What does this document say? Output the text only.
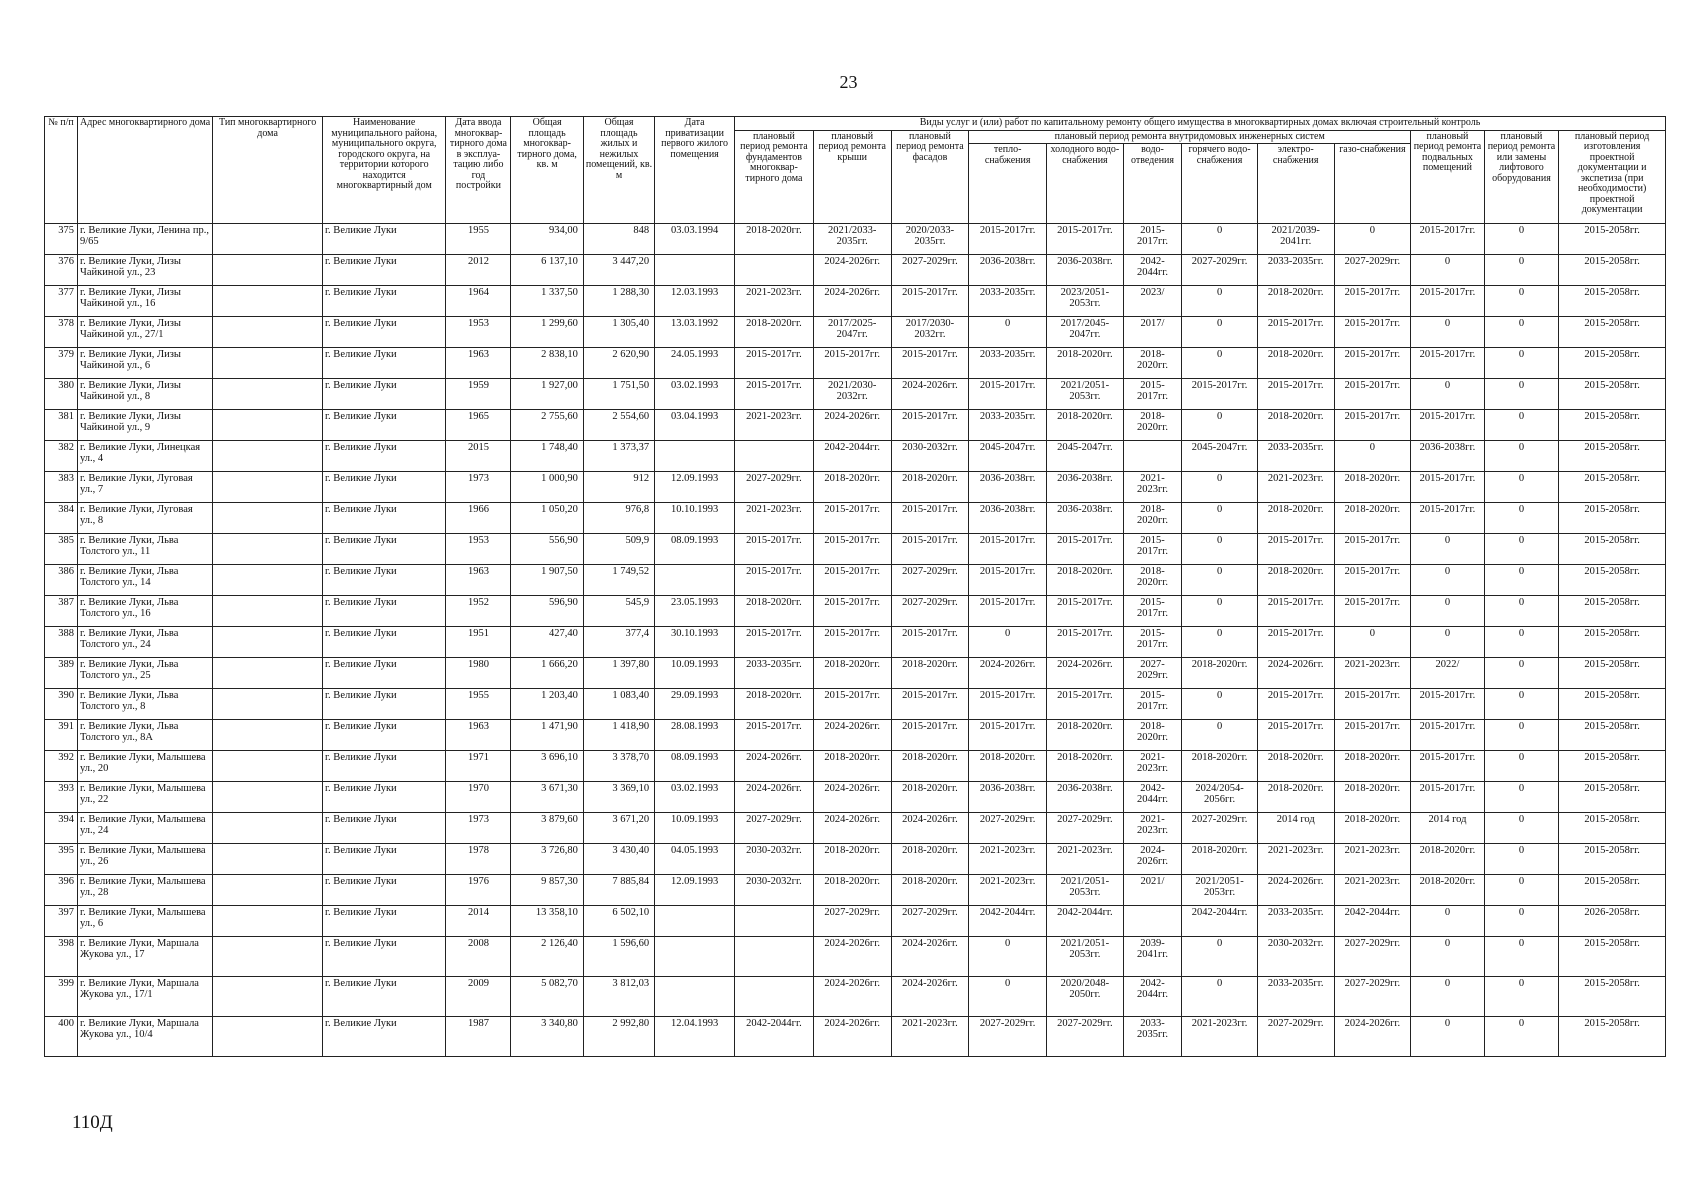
23
№ п/п	Адрес многоквартирного дома	Тип многоквартирного дома	Наименование муниципального района, муниципального округа, городского округа, на территории которого находится многоквартирный дом	Дата ввода многоквар-тирного дома в эксплуа-тацию либо год постройки	Общая площадь многоквар-тирного дома, кв. м	Общая площадь жилых и нежилых помещений, кв. м	Дата приватизации первого жилого помещения	Виды услуг и (или) работ по капитальному ремонту общего имущества в многоквартирных домах включая строительный контроль											
								плановый период ремонта фундаментов многоквар-тирного дома	плановый период ремонта крыши	плановый период ремонта фасадов	плановый период ремонта внутридомовых инженерных систем						плановый период ремонта подвальных помещений	плановый период ремонта или замены лифтового оборудования	плановый период изготовления проектной документации и экспетиза (при необходимости) проектной документации
											тепло-снабжения	холодного водо-снабжения	водо-отведения	горячего водо-снабжения	электро-снабжения	газо-снабжения			
375	г. Великие Луки, Ленина пр., 9/65		г. Великие Луки	1955	934,00	848	03.03.1994	2018-2020гг.	2021/2033-2035гг.	2020/2033-2035гг.	2015-2017гг.	2015-2017гг.	2015-2017гг.	0	2021/2039-2041гг.	0	2015-2017гг.	0	2015-2058гг.
376	г. Великие Луки, Лизы Чайкиной ул., 23		г. Великие Луки	2012	6 137,10	3 447,20			2024-2026гг.	2027-2029гг.	2036-2038гг.	2036-2038гг.	2042-2044гг.	2027-2029гг.	2033-2035гг.	2027-2029гг.	0	0	2015-2058гг.
377	г. Великие Луки, Лизы Чайкиной ул., 16		г. Великие Луки	1964	1 337,50	1 288,30	12.03.1993	2021-2023гг.	2024-2026гг.	2015-2017гг.	2033-2035гг.	2023/2051-2053гг.	2023/	0	2018-2020гг.	2015-2017гг.	2015-2017гг.	0	2015-2058гг.
378	г. Великие Луки, Лизы Чайкиной ул., 27/1		г. Великие Луки	1953	1 299,60	1 305,40	13.03.1992	2018-2020гг.	2017/2025-2047гг.	2017/2030-2032гг.	0	2017/2045-2047гг.	2017/	0	2015-2017гг.	2015-2017гг.	0	0	2015-2058гг.
379	г. Великие Луки, Лизы Чайкиной ул., 6		г. Великие Луки	1963	2 838,10	2 620,90	24.05.1993	2015-2017гг.	2015-2017гг.	2015-2017гг.	2033-2035гг.	2018-2020гг.	2018-2020гг.	0	2018-2020гг.	2015-2017гг.	2015-2017гг.	0	2015-2058гг.
380	г. Великие Луки, Лизы Чайкиной ул., 8		г. Великие Луки	1959	1 927,00	1 751,50	03.02.1993	2015-2017гг.	2021/2030-2032гг.	2024-2026гг.	2015-2017гг.	2021/2051-2053гг.	2015-2017гг.	2015-2017гг.	2015-2017гг.	2015-2017гг.	0	0	2015-2058гг.
381	г. Великие Луки, Лизы Чайкиной ул., 9		г. Великие Луки	1965	2 755,60	2 554,60	03.04.1993	2021-2023гг.	2024-2026гг.	2015-2017гг.	2033-2035гг.	2018-2020гг.	2018-2020гг.	0	2018-2020гг.	2015-2017гг.	2015-2017гг.	0	2015-2058гг.
382	г. Великие Луки, Линецкая ул., 4		г. Великие Луки	2015	1 748,40	1 373,37			2042-2044гг.	2030-2032гг.	2045-2047гг.	2045-2047гг.		2045-2047гг.	2033-2035гг.	0	2036-2038гг.	0	2015-2058гг.
383	г. Великие Луки, Луговая ул., 7		г. Великие Луки	1973	1 000,90	912	12.09.1993	2027-2029гг.	2018-2020гг.	2018-2020гг.	2036-2038гг.	2036-2038гг.	2021-2023гг.	0	2021-2023гг.	2018-2020гг.	2015-2017гг.	0	2015-2058гг.
384	г. Великие Луки, Луговая ул., 8		г. Великие Луки	1966	1 050,20	976,8	10.10.1993	2021-2023гг.	2015-2017гг.	2015-2017гг.	2036-2038гг.	2036-2038гг.	2018-2020гг.	0	2018-2020гг.	2018-2020гг.	2015-2017гг.	0	2015-2058гг.
385	г. Великие Луки, Льва Толстого ул., 11		г. Великие Луки	1953	556,90	509,9	08.09.1993	2015-2017гг.	2015-2017гг.	2015-2017гг.	2015-2017гг.	2015-2017гг.	2015-2017гг.	0	2015-2017гг.	2015-2017гг.	0	0	2015-2058гг.
386	г. Великие Луки, Льва Толстого ул., 14		г. Великие Луки	1963	1 907,50	1 749,52		2015-2017гг.	2015-2017гг.	2027-2029гг.	2015-2017гг.	2018-2020гг.	2018-2020гг.	0	2018-2020гг.	2015-2017гг.	0	0	2015-2058гг.
387	г. Великие Луки, Льва Толстого ул., 16		г. Великие Луки	1952	596,90	545,9	23.05.1993	2018-2020гг.	2015-2017гг.	2027-2029гг.	2015-2017гг.	2015-2017гг.	2015-2017гг.	0	2015-2017гг.	2015-2017гг.	0	0	2015-2058гг.
388	г. Великие Луки, Льва Толстого ул., 24		г. Великие Луки	1951	427,40	377,4	30.10.1993	2015-2017гг.	2015-2017гг.	2015-2017гг.	0	2015-2017гг.	2015-2017гг.	0	2015-2017гг.	0	0	0	2015-2058гг.
389	г. Великие Луки, Льва Толстого ул., 25		г. Великие Луки	1980	1 666,20	1 397,80	10.09.1993	2033-2035гг.	2018-2020гг.	2018-2020гг.	2024-2026гг.	2024-2026гг.	2027-2029гг.	2018-2020гг.	2024-2026гг.	2021-2023гг.	2022/	0	2015-2058гг.
390	г. Великие Луки, Льва Толстого ул., 8		г. Великие Луки	1955	1 203,40	1 083,40	29.09.1993	2018-2020гг.	2015-2017гг.	2015-2017гг.	2015-2017гг.	2015-2017гг.	2015-2017гг.	0	2015-2017гг.	2015-2017гг.	2015-2017гг.	0	2015-2058гг.
391	г. Великие Луки, Льва Толстого ул., 8А		г. Великие Луки	1963	1 471,90	1 418,90	28.08.1993	2015-2017гг.	2024-2026гг.	2015-2017гг.	2015-2017гг.	2018-2020гг.	2018-2020гг.	0	2015-2017гг.	2015-2017гг.	2015-2017гг.	0	2015-2058гг.
392	г. Великие Луки, Малышева ул., 20		г. Великие Луки	1971	3 696,10	3 378,70	08.09.1993	2024-2026гг.	2018-2020гг.	2018-2020гг.	2018-2020гг.	2018-2020гг.	2021-2023гг.	2018-2020гг.	2018-2020гг.	2018-2020гг.	2015-2017гг.	0	2015-2058гг.
393	г. Великие Луки, Малышева ул., 22		г. Великие Луки	1970	3 671,30	3 369,10	03.02.1993	2024-2026гг.	2024-2026гг.	2018-2020гг.	2036-2038гг.	2036-2038гг.	2042-2044гг.	2024/2054-2056гг.	2018-2020гг.	2018-2020гг.	2015-2017гг.	0	2015-2058гг.
394	г. Великие Луки, Малышева ул., 24		г. Великие Луки	1973	3 879,60	3 671,20	10.09.1993	2027-2029гг.	2024-2026гг.	2024-2026гг.	2027-2029гг.	2027-2029гг.	2021-2023гг.	2027-2029гг.	2014 год	2018-2020гг.	2014 год	0	2015-2058гг.
395	г. Великие Луки, Малышева ул., 26		г. Великие Луки	1978	3 726,80	3 430,40	04.05.1993	2030-2032гг.	2018-2020гг.	2018-2020гг.	2021-2023гг.	2021-2023гг.	2024-2026гг.	2018-2020гг.	2021-2023гг.	2021-2023гг.	2018-2020гг.	0	2015-2058гг.
396	г. Великие Луки, Малышева ул., 28		г. Великие Луки	1976	9 857,30	7 885,84	12.09.1993	2030-2032гг.	2018-2020гг.	2018-2020гг.	2021-2023гг.	2021/2051-2053гг.	2021/	2021/2051-2053гг.	2024-2026гг.	2021-2023гг.	2018-2020гг.	0	2015-2058гг.
397	г. Великие Луки, Малышева ул., 6		г. Великие Луки	2014	13 358,10	6 502,10			2027-2029гг.	2027-2029гг.	2042-2044гг.	2042-2044гг.		2042-2044гг.	2033-2035гг.	2042-2044гг.	0	0	2026-2058гг.
398	г. Великие Луки, Маршала Жукова ул., 17		г. Великие Луки	2008	2 126,40	1 596,60			2024-2026гг.	2024-2026гг.	0	2021/2051-2053гг.	2039-2041гг.	0	2030-2032гг.	2027-2029гг.	0	0	2015-2058гг.
399	г. Великие Луки, Маршала Жукова ул., 17/1		г. Великие Луки	2009	5 082,70	3 812,03			2024-2026гг.	2024-2026гг.	0	2020/2048-2050гг.	2042-2044гг.	0	2033-2035гг.	2027-2029гг.	0	0	2015-2058гг.
400	г. Великие Луки, Маршала Жукова ул., 10/4		г. Великие Луки	1987	3 340,80	2 992,80	12.04.1993	2042-2044гг.	2024-2026гг.	2021-2023гг.	2027-2029гг.	2027-2029гг.	2033-2035гг.	2021-2023гг.	2027-2029гг.	2024-2026гг.	0	0	2015-2058гг.
110Д
